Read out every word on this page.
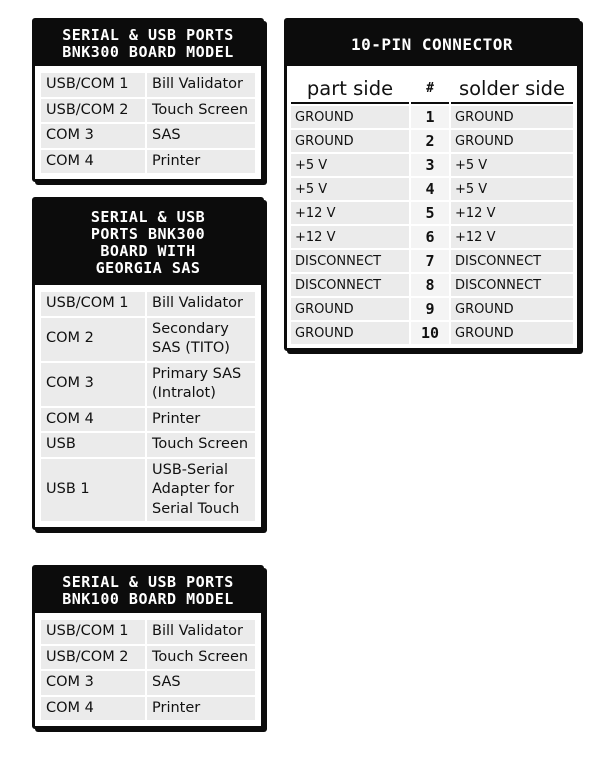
SERIAL & USB PORTS
BNK300 BOARD MODEL
USB/COM 1	Bill Validator
USB/COM 2	Touch Screen
COM 3	SAS
COM 4	Printer
SERIAL & USB
PORTS BNK300
BOARD WITH
GEORGIA SAS
USB/COM 1	Bill Validator
COM 2	Secondary
SAS (TITO)

COM 3	Primary SAS
(Intralot)

COM 4	Printer
USB	Touch Screen
USB 1	USB-Serial
Adapter for
Serial Touch
SERIAL & USB PORTS
BNK100 BOARD MODEL
USB/COM 1	Bill Validator
USB/COM 2	Touch Screen
COM 3	SAS
COM 4	Printer
10-PIN CONNECTOR
part side	#	solder side
GROUND	1	GROUND
GROUND	2	GROUND
+5 V	3	+5 V
+5 V	4	+5 V
+12 V	5	+12 V
+12 V	6	+12 V
DISCONNECT	7	DISCONNECT
DISCONNECT	8	DISCONNECT
GROUND	9	GROUND
GROUND	10	GROUND
